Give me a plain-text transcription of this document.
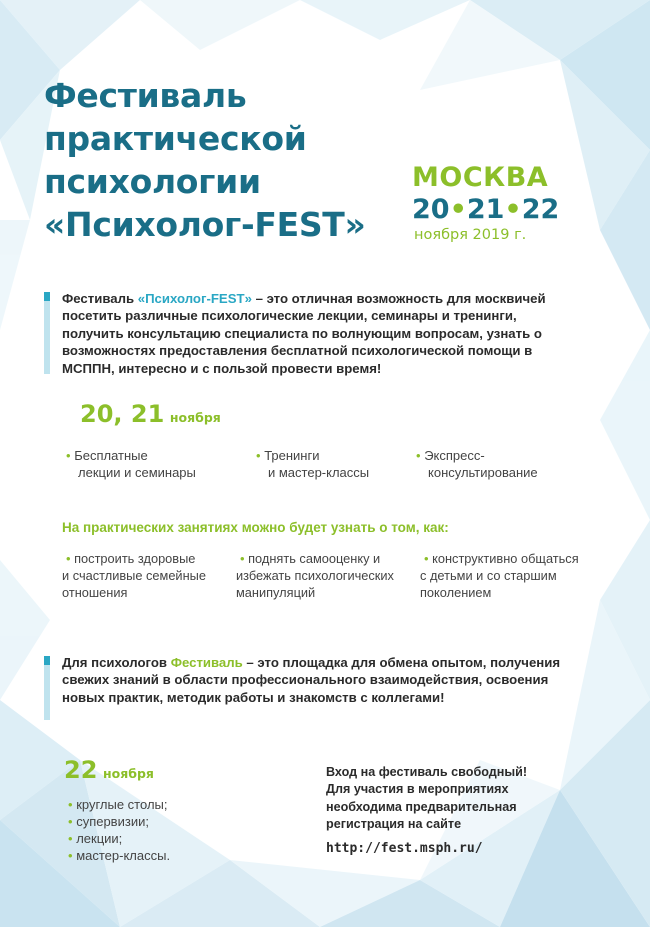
Фестиваль
практической
психологии
«Психолог-FEST»
МОСКВА
20•21•22
ноября 2019 г.
Фестиваль «Психолог-FEST» – это отличная возможность для москвичей посетить различные психологические лекции, семинары и тренинги, получить консультацию специалиста по волнующим вопросам, узнать о возможностях предоставления бесплатной психологической помощи в МСППН, интересно и с пользой провести время!
20, 21 ноября
• Бесплатные
лекции и семинары
• Тренинги
и мастер-классы
• Экспресс-
консультирование
На практических занятиях можно будет узнать о том, как:
• построить здоровые
и счастливые семейные
отношения
• поднять самооценку и
избежать психологических
манипуляций
• конструктивно общаться
с детьми и со старшим
поколением
Для психологов Фестиваль – это площадка для обмена опытом, получения свежих знаний в области профессионального взаимодействия, освоения новых практик, методик работы и знакомств с коллегами!
22 ноября
• круглые столы;
• супервизии;
• лекции;
• мастер-классы.
Вход на фестиваль свободный!
Для участия в мероприятиях
необходима предварительная
регистрация на сайте
http://fest.msph.ru/
